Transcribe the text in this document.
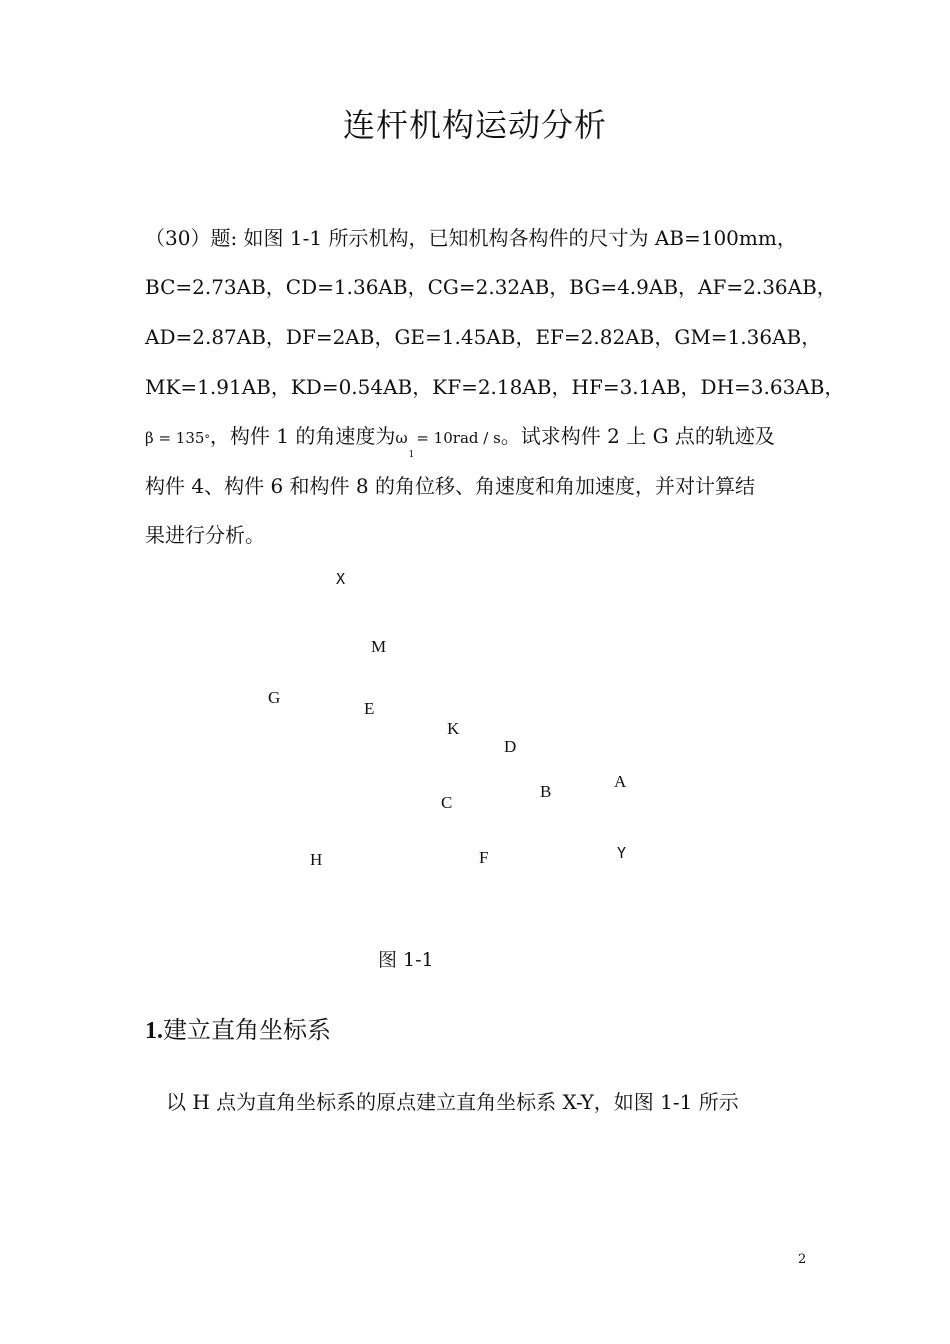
连杆机构运动分析
（30）题: 如图 1-1 所示机构，已知机构各构件的尺寸为 AB=100mm，
BC=2.73AB，CD=1.36AB，CG=2.32AB，BG=4.9AB，AF=2.36AB，
AD=2.87AB，DF=2AB，GE=1.45AB，EF=2.82AB，GM=1.36AB，
MK=1.91AB，KD=0.54AB，KF=2.18AB，HF=3.1AB，DH=3.63AB，
β = 135°，构件 1 的角速度为$\omega_1= 10rad / s$。试求构件 2 上 G 点的轨迹及
构件 4、构件 6 和构件 8 的角位移、角速度和角加速度，并对计算结
果进行分析。
X
M
G
E
K
D
A
B
C
H	F	Y
图 1-1
1.建立直角坐标系
以 H 点为直角坐标系的原点建立直角坐标系 X-Y，如图 1-1 所示
2
